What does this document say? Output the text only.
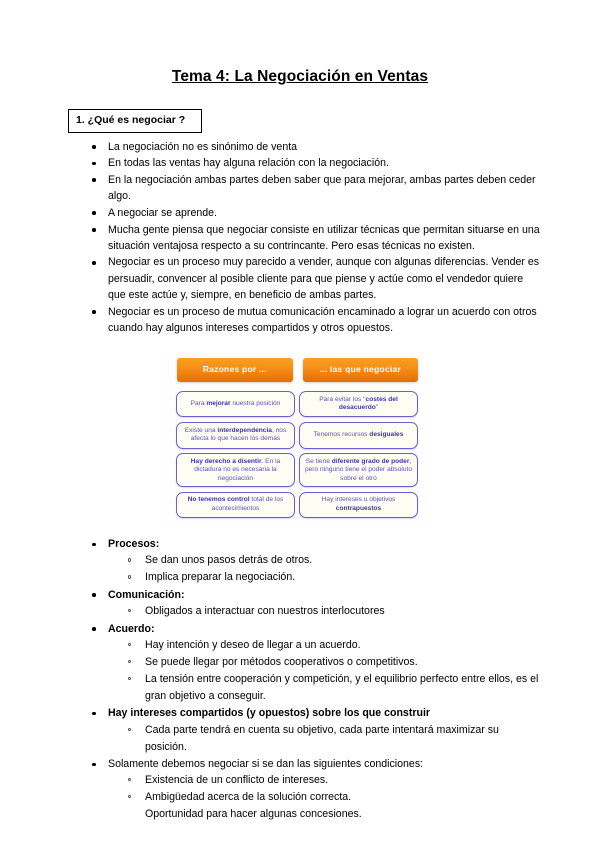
Tema 4: La Negociación en Ventas
1. ¿Qué es negociar ?
La negociación no es sinónimo de venta
En todas las ventas hay alguna relación con la negociación.
En la negociación ambas partes deben saber que para mejorar, ambas partes deben ceder algo.
A negociar se aprende.
Mucha gente piensa que negociar consiste en utilizar técnicas que permitan situarse en una situación ventajosa respecto a su contrincante. Pero esas técnicas no existen.
Negociar es un proceso muy parecido a vender, aunque con algunas diferencias. Vender es persuadir, convencer al posible cliente para que piense y actúe como el vendedor quiere que este actúe y, siempre, en beneficio de ambas partes.
Negociar es un proceso de mutua comunicación encaminado a lograr un acuerdo con otros cuando hay algunos intereses compartidos y otros opuestos.
Razones por ...	... las que negociar
Para mejorar nuestra posición
Para evitar los "costes del desacuerdo"
Existe una interdependencia, nos afecta lo que hacen los demás
Tenemos recursos desiguales
Hay derecho a disentir. En la dictadura no es necesaria la negociación
Se tiene diferente grado de poder, pero ninguno tiene el poder absoluto sobre el otro
No tenemos control total de los acontecimientos
Hay intereses u objetivos contrapuestos
Procesos:
Se dan unos pasos detrás de otros.
Implica preparar la negociación.
Comunicación:
Obligados a interactuar con nuestros interlocutores
Acuerdo:
Hay intención y deseo de llegar a un acuerdo.
Se puede llegar por métodos cooperativos o competitivos.
La tensión entre cooperación y competición, y el equilibrio perfecto entre ellos, es el gran objetivo a conseguir.
Hay intereses compartidos (y opuestos) sobre los que construir
Cada parte tendrá en cuenta su objetivo, cada parte intentará maximizar su posición.
Solamente debemos negociar si se dan las siguientes condiciones:
Existencia de un conflicto de intereses.
Ambigüedad acerca de la solución correcta.
Oportunidad para hacer algunas concesiones.
